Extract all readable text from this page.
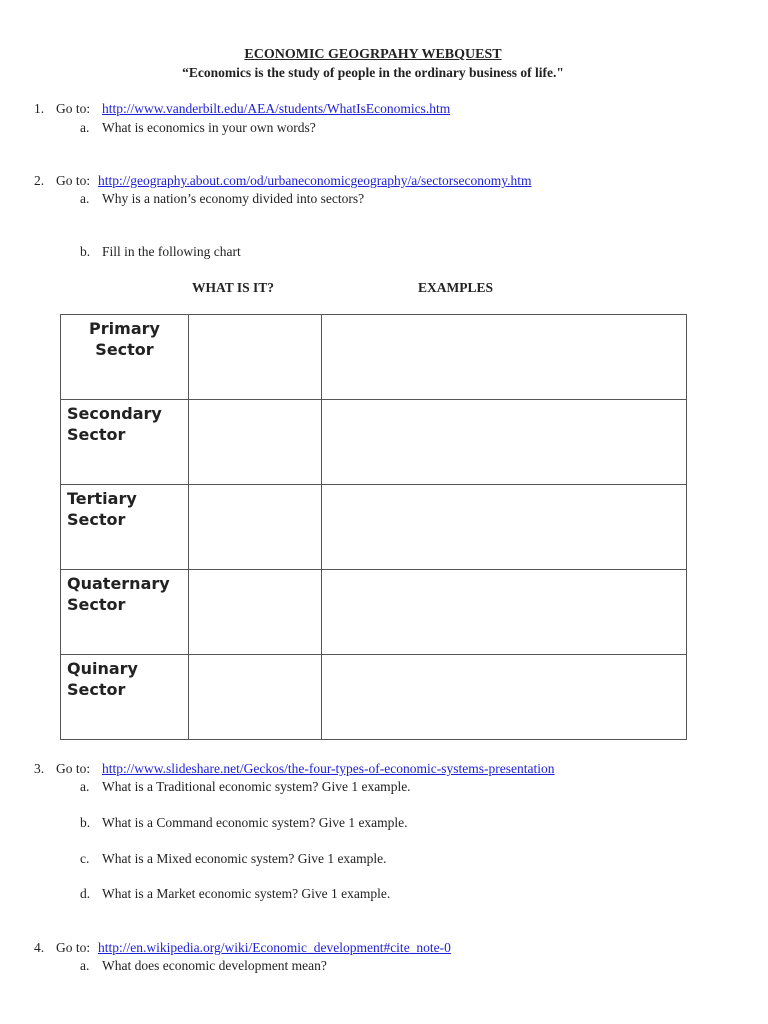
ECONOMIC GEOGRPAHY WEBQUEST
“Economics is the study of people in the ordinary business of life."
1. Go to: http://www.vanderbilt.edu/AEA/students/WhatIsEconomics.htm
a. What is economics in your own words?
2. Go to: http://geography.about.com/od/urbaneconomicgeography/a/sectorseconomy.htm
a. Why is a nation’s economy divided into sectors?
b. Fill in the following chart
WHAT IS IT?	EXAMPLES
Primary
Sector		

Secondary
Sector		

Tertiary
Sector		

Quaternary
Sector		

Quinary
Sector		

3. Go to: http://www.slideshare.net/Geckos/the-four-types-of-economic-systems-presentation
a. What is a Traditional economic system? Give 1 example.
b. What is a Command economic system? Give 1 example.
c. What is a Mixed economic system? Give 1 example.
d. What is a Market economic system? Give 1 example.
4. Go to: http://en.wikipedia.org/wiki/Economic_development#cite_note-0
a. What does economic development mean?
